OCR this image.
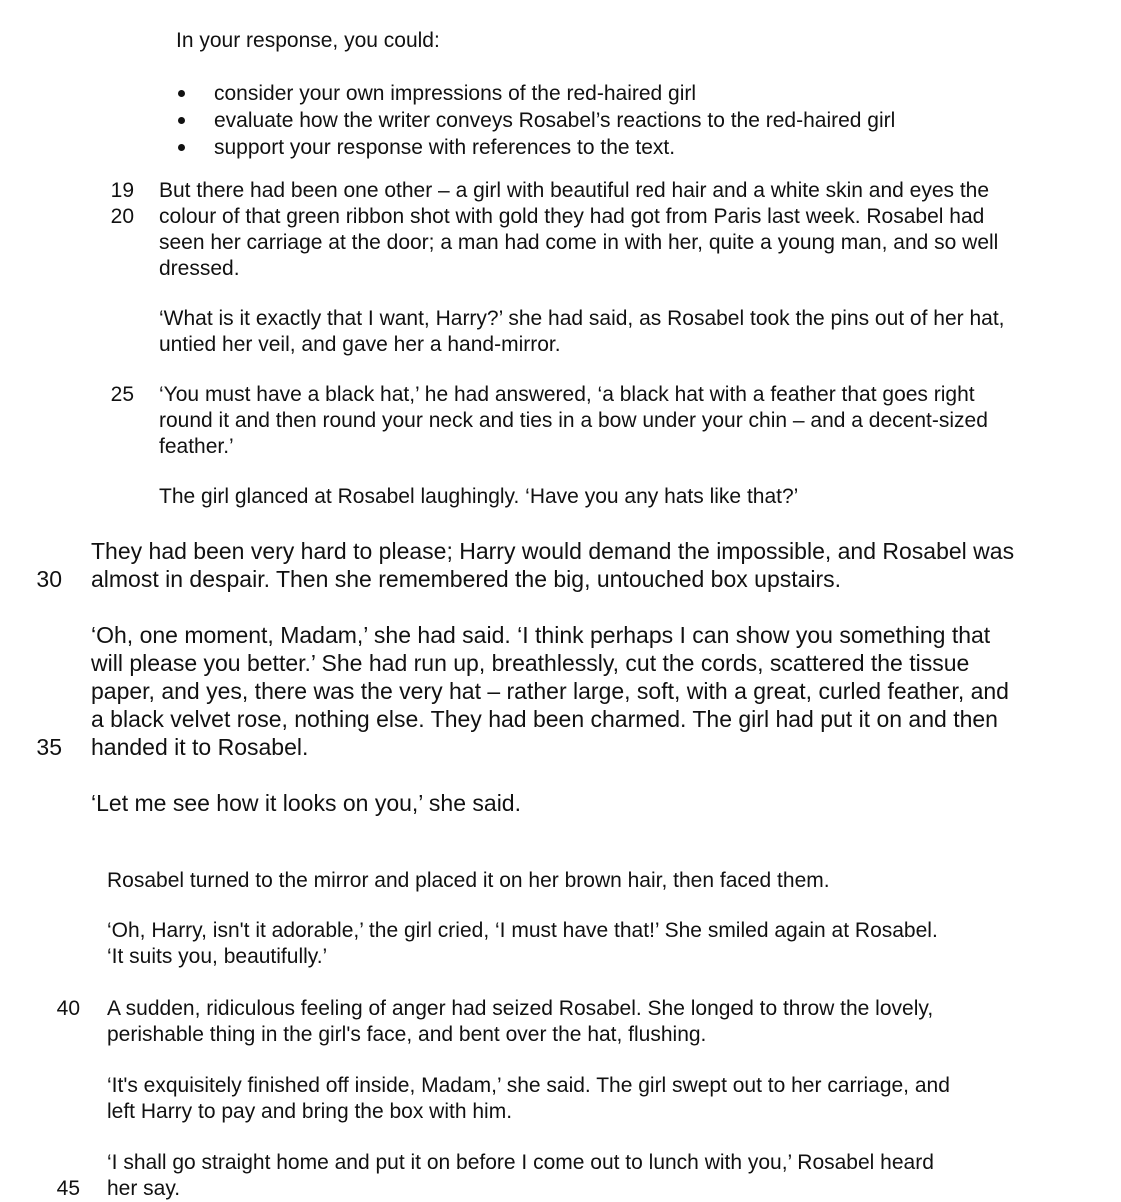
In your response, you could:

consider your own impressions of the red-haired girl
evaluate how the writer conveys Rosabel’s reactions to the red-haired girl
support your response with references to the text.
19
20
But there had been one other – a girl with beautiful red hair and a white skin and eyes the
colour of that green ribbon shot with gold they had got from Paris last week. Rosabel had
seen her carriage at the door; a man had come in with her, quite a young man, and so well
dressed.
‘What is it exactly that I want, Harry?’ she had said, as Rosabel took the pins out of her hat,
untied her veil, and gave her a hand-mirror.
25 ‘You must have a black hat,’ he had answered, ‘a black hat with a feather that goes right
round it and then round your neck and ties in a bow under your chin – and a decent-sized
feather.’
The girl glanced at Rosabel laughingly. ‘Have you any hats like that?’
30
They had been very hard to please; Harry would demand the impossible, and Rosabel was
almost in despair. Then she remembered the big, untouched box upstairs.
35
‘Oh, one moment, Madam,’ she had said. ‘I think perhaps I can show you something that
will please you better.’ She had run up, breathlessly, cut the cords, scattered the tissue
paper, and yes, there was the very hat – rather large, soft, with a great, curled feather, and
a black velvet rose, nothing else. They had been charmed. The girl had put it on and then
handed it to Rosabel.
‘Let me see how it looks on you,’ she said.
Rosabel turned to the mirror and placed it on her brown hair, then faced them.
‘Oh, Harry, isn't it adorable,’ the girl cried, ‘I must have that!’ She smiled again at Rosabel.
‘It suits you, beautifully.’
40 A sudden, ridiculous feeling of anger had seized Rosabel. She longed to throw the lovely,
perishable thing in the girl's face, and bent over the hat, flushing.
‘It's exquisitely finished off inside, Madam,’ she said. The girl swept out to her carriage, and
left Harry to pay and bring the box with him.
45
‘I shall go straight home and put it on before I come out to lunch with you,’ Rosabel heard
her say.
